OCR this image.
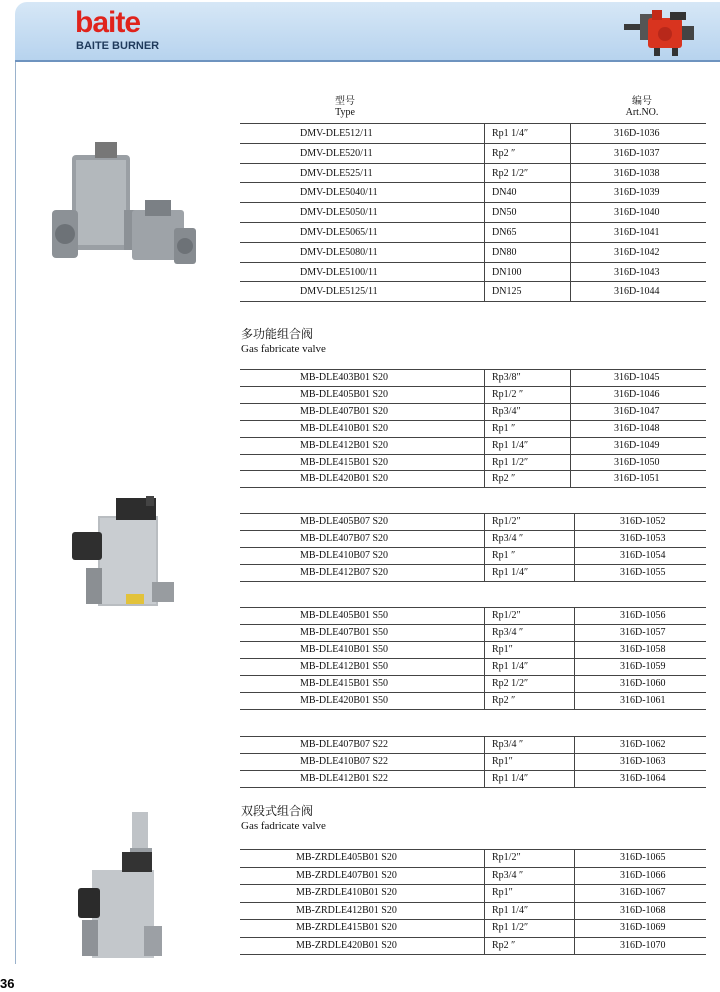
baite
BAITE BURNER
型号
Type
编号
Art.NO.
多功能组合阀
Gas fabricate valve
双段式组合阀
Gas fadricate valve
DMV-DLE512/11	Rp1 1/4″	316D-1036
DMV-DLE520/11	Rp2 ″	316D-1037
DMV-DLE525/11	Rp2 1/2″	316D-1038
DMV-DLE5040/11	DN40	316D-1039
DMV-DLE5050/11	DN50	316D-1040
DMV-DLE5065/11	DN65	316D-1041
DMV-DLE5080/11	DN80	316D-1042
DMV-DLE5100/11	DN100	316D-1043
DMV-DLE5125/11	DN125	316D-1044
MB-DLE403B01 S20	Rp3/8″	316D-1045
MB-DLE405B01 S20	Rp1/2 ″	316D-1046
MB-DLE407B01 S20	Rp3/4″	316D-1047
MB-DLE410B01 S20	Rp1 ″	316D-1048
MB-DLE412B01 S20	Rp1 1/4″	316D-1049
MB-DLE415B01 S20	Rp1 1/2″	316D-1050
MB-DLE420B01 S20	Rp2 ″	316D-1051
MB-DLE405B07 S20	Rp1/2″	316D-1052
MB-DLE407B07 S20	Rp3/4 ″	316D-1053
MB-DLE410B07 S20	Rp1 ″	316D-1054
MB-DLE412B07 S20	Rp1 1/4″	316D-1055
MB-DLE405B01 S50	Rp1/2″	316D-1056
MB-DLE407B01 S50	Rp3/4 ″	316D-1057
MB-DLE410B01 S50	Rp1″	316D-1058
MB-DLE412B01 S50	Rp1 1/4″	316D-1059
MB-DLE415B01 S50	Rp2 1/2″	316D-1060
MB-DLE420B01 S50	Rp2 ″	316D-1061
MB-DLE407B07 S22	Rp3/4 ″	316D-1062
MB-DLE410B07 S22	Rp1″	316D-1063
MB-DLE412B01 S22	Rp1 1/4″	316D-1064
MB-ZRDLE405B01 S20	Rp1/2″	316D-1065
MB-ZRDLE407B01 S20	Rp3/4 ″	316D-1066
MB-ZRDLE410B01 S20	Rp1″	316D-1067
MB-ZRDLE412B01 S20	Rp1 1/4″	316D-1068
MB-ZRDLE415B01 S20	Rp1 1/2″	316D-1069
MB-ZRDLE420B01 S20	Rp2 ″	316D-1070
36
